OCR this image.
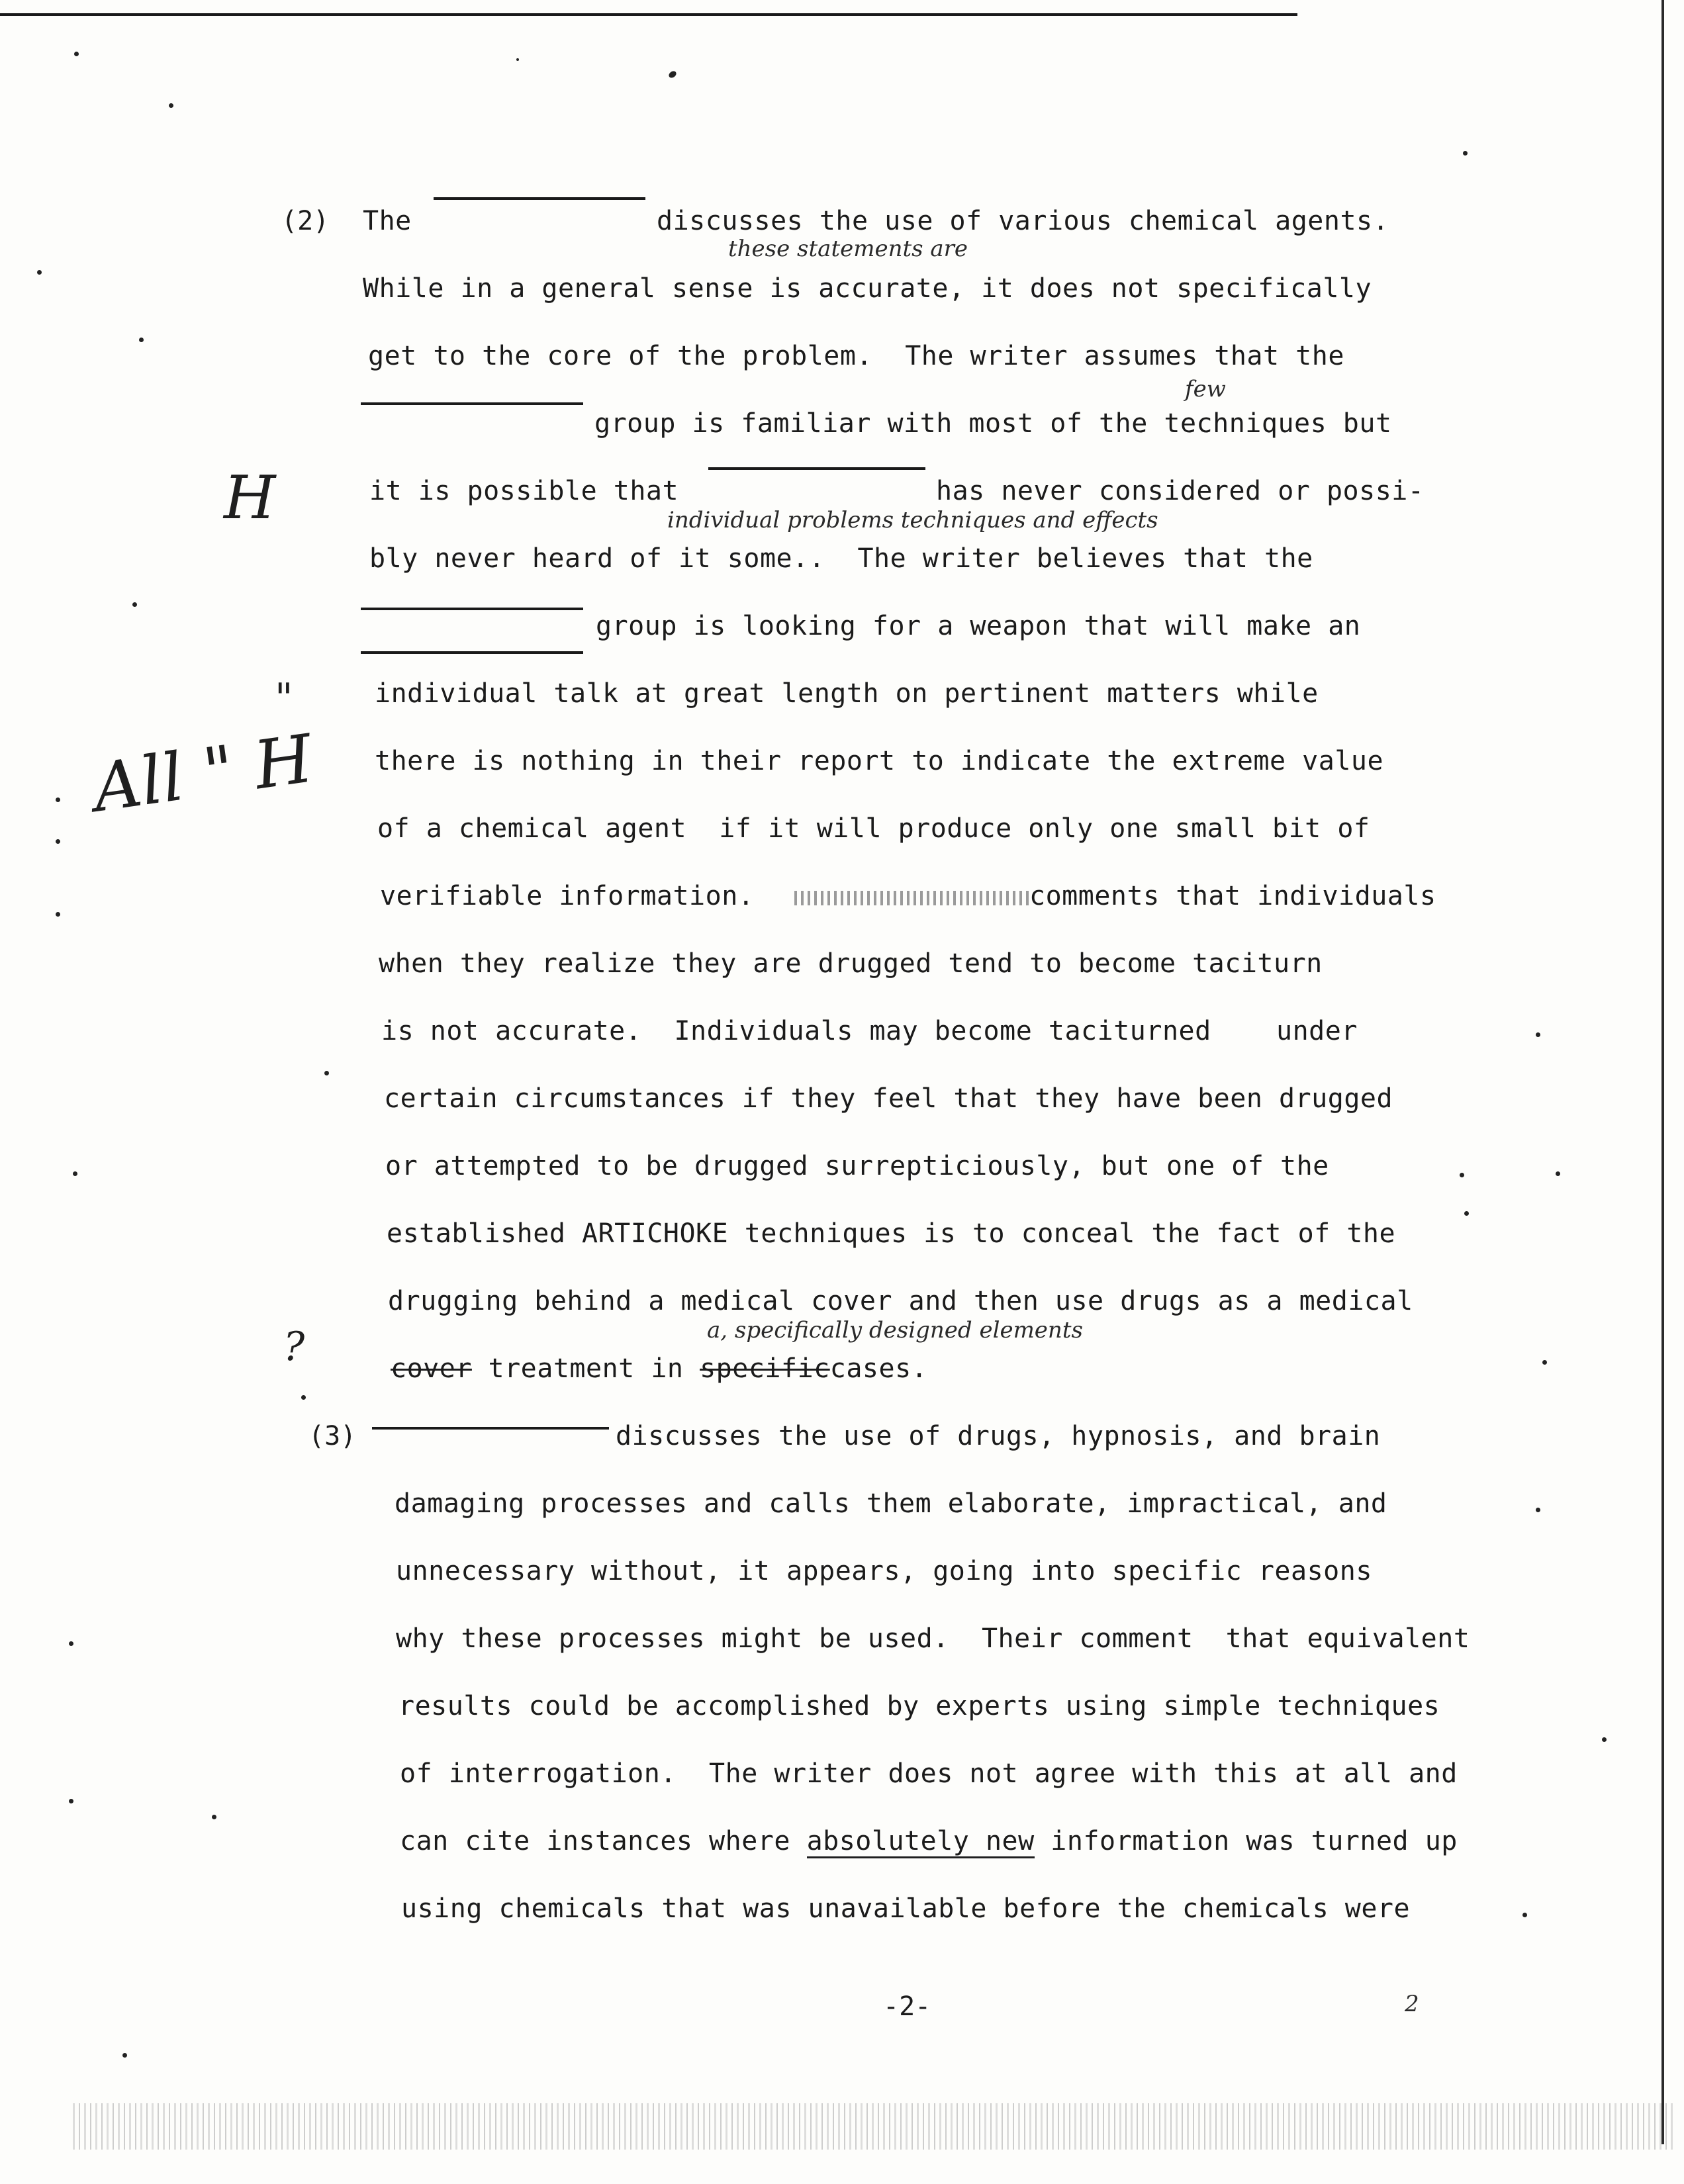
(2) The	discusses the use of various chemical agents.
these statements are
While in a general sense is accurate, it does not specifically
get to the core of the problem.  The writer assumes that the
group is familiar with most of the techniques but
few
it is possible that	has never considered or possi-
individual problems techniques and effects
bly never heard of it some..  The writer believes that the
group is looking for a weapon that will make an
individual talk at great length on pertinent matters while
there is nothing in their report to indicate the extreme value
of a chemical agent  if it will produce only one small bit of
verifiable information.	comments that individuals
when they realize they are drugged tend to become taciturn
is not accurate.  Individuals may become taciturned    under
certain circumstances if they feel that they have been drugged
or attempted to be drugged surrepticiously, but one of the
established ARTICHOKE techniques is to conceal the fact of the
drugging behind a medical cover and then use drugs as a medical
a, specifically designed elements
cover treatment in specificcases.
(3)	discusses the use of drugs, hypnosis, and brain
damaging processes and calls them elaborate, impractical, and
unnecessary without, it appears, going into specific reasons
why these processes might be used.  Their comment  that equivalent
results could be accomplished by experts using simple techniques
of interrogation.  The writer does not agree with this at all and
can cite instances where absolutely new information was turned up
using chemicals that was unavailable before the chemicals were
H
All " H
"
?
-2-	2
